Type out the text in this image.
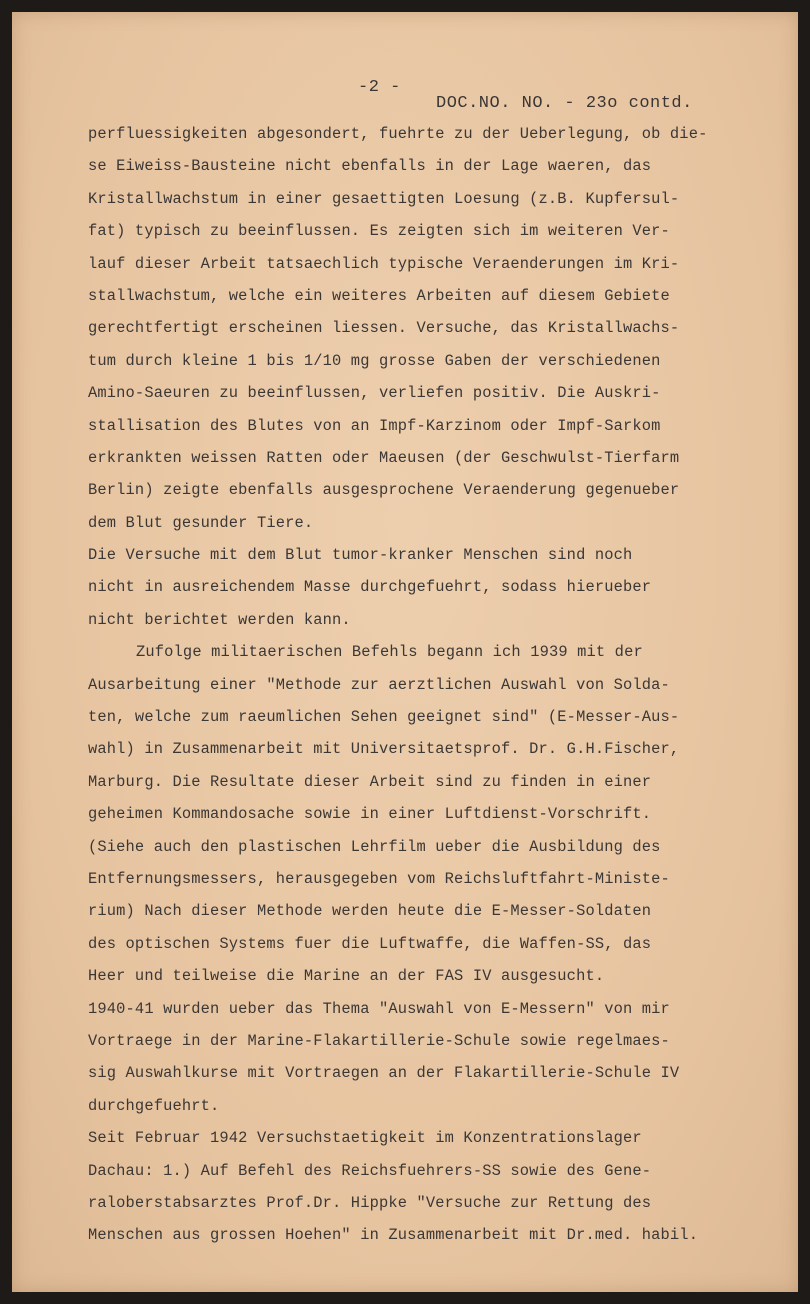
-2 -
DOC.NO. NO. - 23o contd.
perfluessigkeiten abgesondert, fuehrte zu der Ueberlegung, ob die-
se Eiweiss-Bausteine nicht ebenfalls in der Lage waeren, das
Kristallwachstum in einer gesaettigten Loesung (z.B. Kupfersul-
fat) typisch zu beeinflussen. Es zeigten sich im weiteren Ver-
lauf dieser Arbeit tatsaechlich typische Veraenderungen im Kri-
stallwachstum, welche ein weiteres Arbeiten auf diesem Gebiete
gerechtfertigt erscheinen liessen. Versuche, das Kristallwachs-
tum durch kleine 1 bis 1/10 mg grosse Gaben der verschiedenen
Amino-Saeuren zu beeinflussen, verliefen positiv. Die Auskri-
stallisation des Blutes von an Impf-Karzinom oder Impf-Sarkom
erkrankten weissen Ratten oder Maeusen (der Geschwulst-Tierfarm
Berlin) zeigte ebenfalls ausgesprochene Veraenderung gegenueber
dem Blut gesunder Tiere.
Die Versuche mit dem Blut tumor-kranker Menschen sind noch
nicht in ausreichendem Masse durchgefuehrt, sodass hierueber
nicht berichtet werden kann.
Zufolge militaerischen Befehls begann ich 1939 mit der
Ausarbeitung einer "Methode zur aerztlichen Auswahl von Solda-
ten, welche zum raeumlichen Sehen geeignet sind" (E-Messer-Aus-
wahl) in Zusammenarbeit mit Universitaetsprof. Dr. G.H.Fischer,
Marburg. Die Resultate dieser Arbeit sind zu finden in einer
geheimen Kommandosache sowie in einer Luftdienst-Vorschrift.
(Siehe auch den plastischen Lehrfilm ueber die Ausbildung des
Entfernungsmessers, herausgegeben vom Reichsluftfahrt-Ministe-
rium) Nach dieser Methode werden heute die E-Messer-Soldaten
des optischen Systems fuer die Luftwaffe, die Waffen-SS, das
Heer und teilweise die Marine an der FAS IV ausgesucht.
1940-41 wurden ueber das Thema "Auswahl von E-Messern" von mir
Vortraege in der Marine-Flakartillerie-Schule sowie regelmaes-
sig Auswahlkurse mit Vortraegen an der Flakartillerie-Schule IV
durchgefuehrt.
Seit Februar 1942 Versuchstaetigkeit im Konzentrationslager
Dachau: 1.) Auf Befehl des Reichsfuehrers-SS sowie des Gene-
raloberstabsarztes Prof.Dr. Hippke "Versuche zur Rettung des
Menschen aus grossen Hoehen" in Zusammenarbeit mit Dr.med. habil.
